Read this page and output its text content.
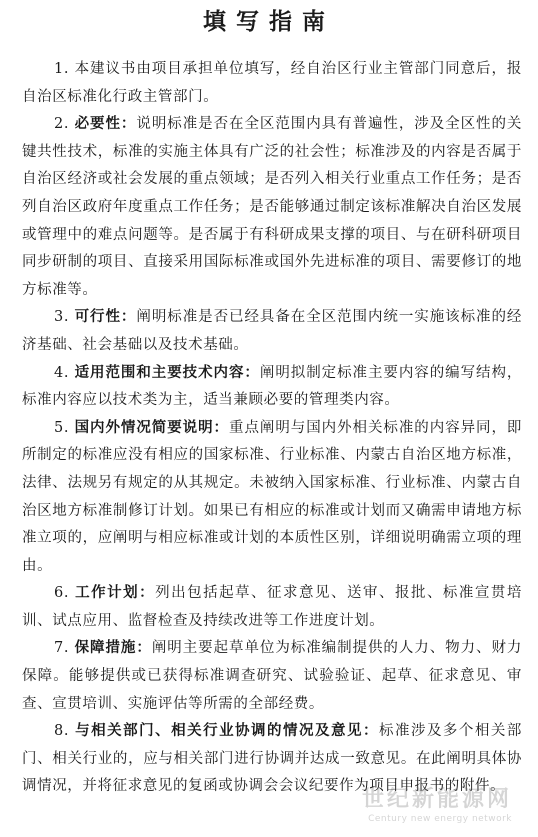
填写指南

1. 本建议书由项目承担单位填写，经自治区行业主管部门同意后，报自治区标准化行政主管部门。

2. 必要性：说明标准是否在全区范围内具有普遍性，涉及全区性的关键共性技术，标准的实施主体具有广泛的社会性；标准涉及的内容是否属于自治区经济或社会发展的重点领域；是否列入相关行业重点工作任务；是否列自治区政府年度重点工作任务；是否能够通过制定该标准解决自治区发展或管理中的难点问题等。是否属于有科研成果支撑的项目、与在研科研项目同步研制的项目、直接采用国际标准或国外先进标准的项目、需要修订的地方标准等。

3. 可行性：阐明标准是否已经具备在全区范围内统一实施该标准的经济基础、社会基础以及技术基础。

4. 适用范围和主要技术内容：阐明拟制定标准主要内容的编写结构，标准内容应以技术类为主，适当兼顾必要的管理类内容。

5. 国内外情况简要说明：重点阐明与国内外相关标准的内容异同，即所制定的标准应没有相应的国家标准、行业标准、内蒙古自治区地方标准，法律、法规另有规定的从其规定。未被纳入国家标准、行业标准、内蒙古自治区地方标准制修订计划。如果已有相应的标准或计划而又确需申请地方标准立项的，应阐明与相应标准或计划的本质性区别，详细说明确需立项的理由。

6. 工作计划：列出包括起草、征求意见、送审、报批、标准宣贯培训、试点应用、监督检查及持续改进等工作进度计划。

7. 保障措施：阐明主要起草单位为标准编制提供的人力、物力、财力保障。能够提供或已获得标准调查研究、试验验证、起草、征求意见、审查、宣贯培训、实施评估等所需的全部经费。

8. 与相关部门、相关行业协调的情况及意见：标准涉及多个相关部门、相关行业的，应与相关部门进行协调并达成一致意见。在此阐明具体协调情况，并将征求意见的复函或协调会会议纪要作为项目申报书的附件。

世纪新能源网
Century new energy network
